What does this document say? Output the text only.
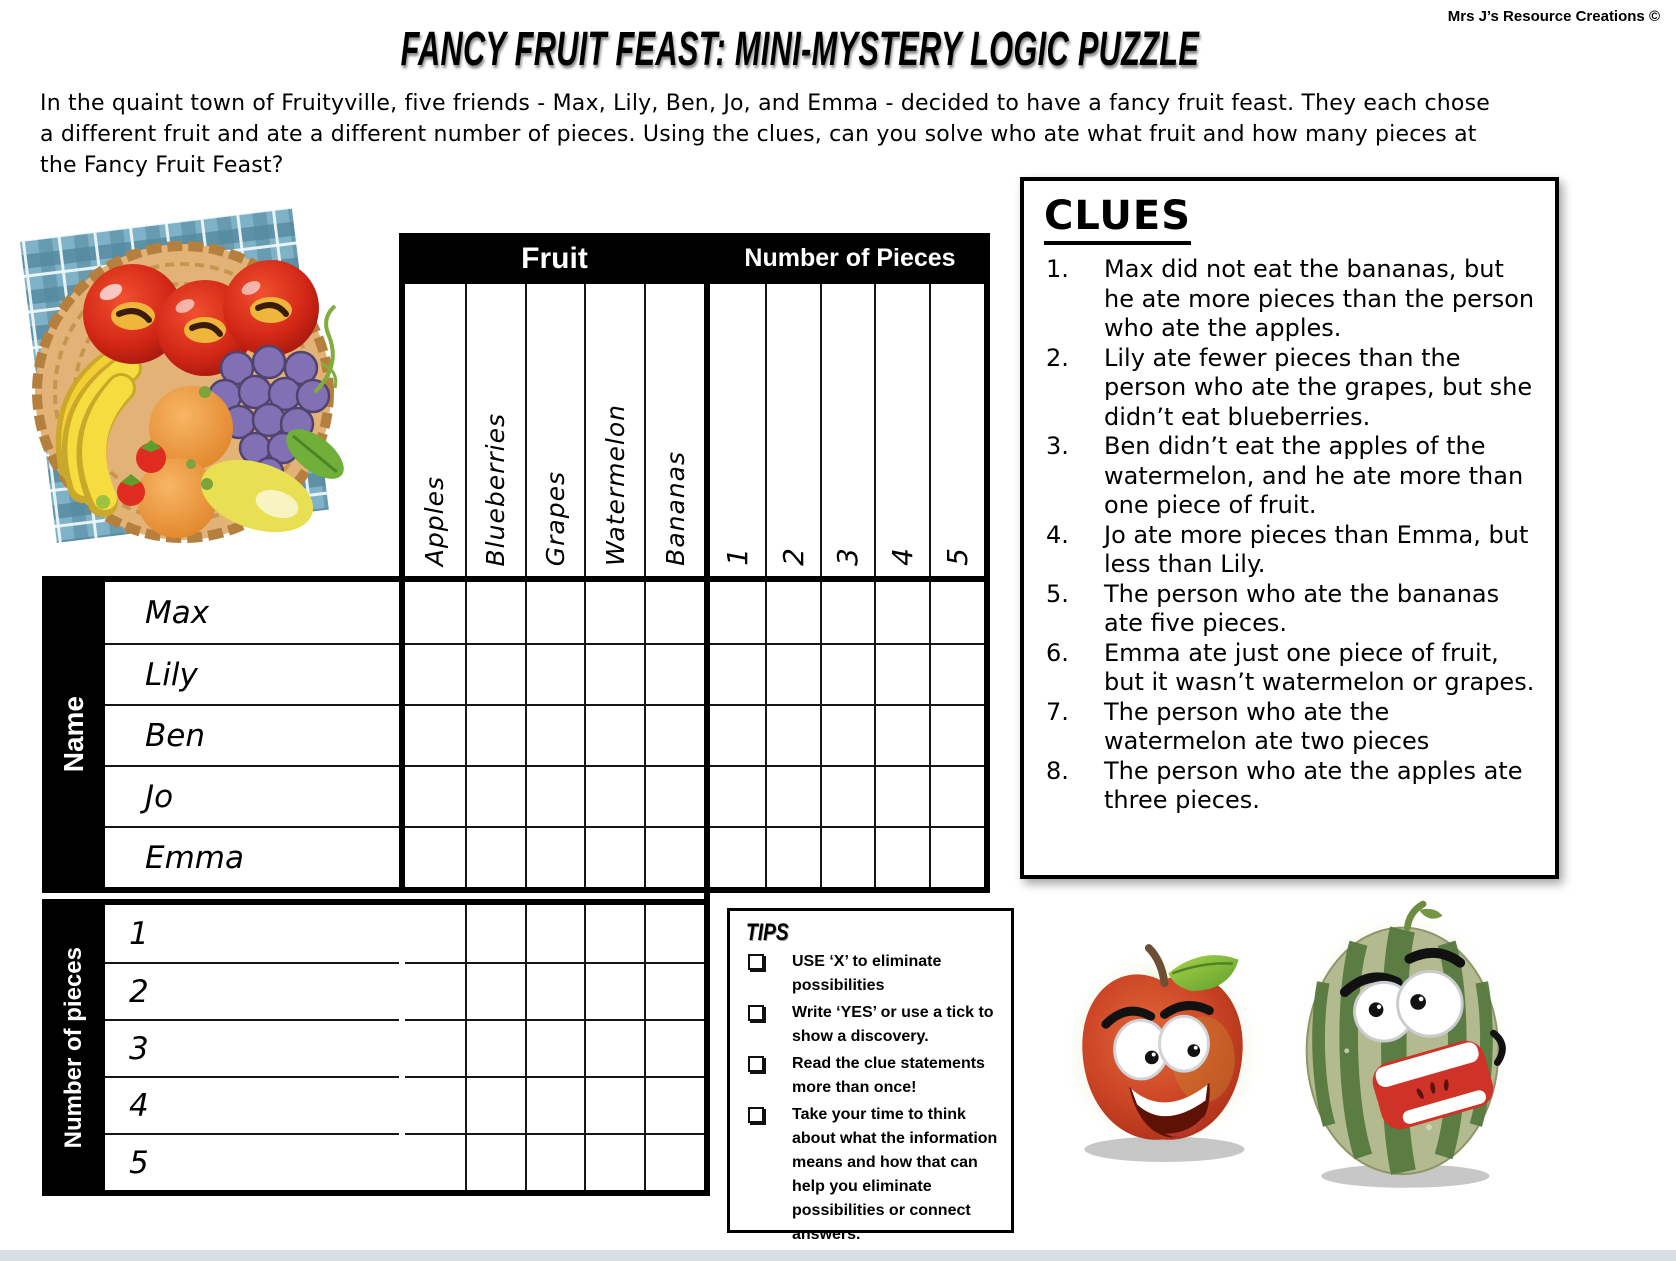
Mrs J’s Resource Creations ©
FANCY FRUIT FEAST: MINI-MYSTERY LOGIC PUZZLE

In the quaint town of Fruityville, five friends - Max, Lily, Ben, Jo, and Emma - decided to have a fancy fruit feast. They each chose a different fruit and ate a different number of pieces. Using the clues, can you solve who ate what fruit and how many pieces at the Fancy Fruit Feast?

Fruit	Number of Pieces
Apples Blueberries Grapes Watermelon Bananas 1 2 3 4 5
Name
Number of pieces
Max
Lily
Ben
Jo
Emma
1
2
3
4
5
CLUES
1.	Max did not eat the bananas, but he ate more pieces than the person who ate the apples.
2.	Lily ate fewer pieces than the person who ate the grapes, but she didn’t eat blueberries.
3.	Ben didn’t eat the apples of the watermelon, and he ate more than one piece of fruit.
4.	Jo ate more pieces than Emma, but less than Lily.
5.	The person who ate the bananas ate five pieces.
6.	Emma ate just one piece of fruit, but it wasn’t watermelon or grapes.
7.	The person who ate the watermelon ate two pieces
8.	The person who ate the apples ate three pieces.
TIPS
USE ‘X’ to eliminate possibilities
Write ‘YES’ or use a tick to show a discovery.
Read the clue statements more than once!
Take your time to think about what the information means and how that can help you eliminate possibilities or connect answers.
